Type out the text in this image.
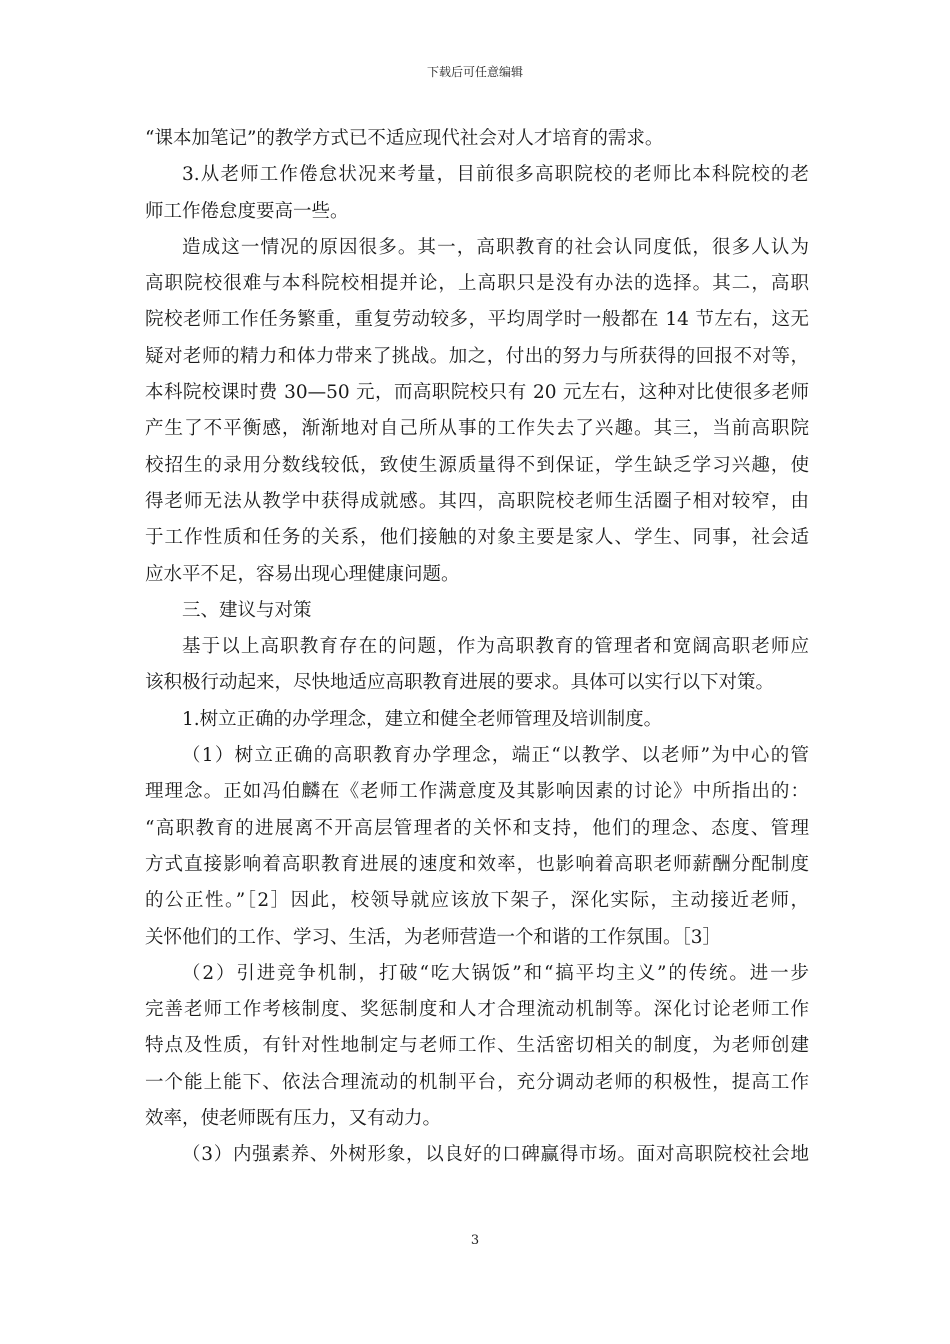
下载后可任意编辑
“课本加笔记”的教学方式已不适应现代社会对人才培育的需求。
3.从老师工作倦怠状况来考量，目前很多高职院校的老师比本科院校的老
师工作倦怠度要高一些。
造成这一情况的原因很多。其一，高职教育的社会认同度低，很多人认为
高职院校很难与本科院校相提并论，上高职只是没有办法的选择。其二，高职
院校老师工作任务繁重，重复劳动较多，平均周学时一般都在 14 节左右，这无
疑对老师的精力和体力带来了挑战。加之，付出的努力与所获得的回报不对等，
本科院校课时费 30—50 元，而高职院校只有 20 元左右，这种对比使很多老师
产生了不平衡感，渐渐地对自己所从事的工作失去了兴趣。其三，当前高职院
校招生的录用分数线较低，致使生源质量得不到保证，学生缺乏学习兴趣，使
得老师无法从教学中获得成就感。其四，高职院校老师生活圈子相对较窄，由
于工作性质和任务的关系，他们接触的对象主要是家人、学生、同事，社会适
应水平不足，容易出现心理健康问题。
三、建议与对策
基于以上高职教育存在的问题，作为高职教育的管理者和宽阔高职老师应
该积极行动起来，尽快地适应高职教育进展的要求。具体可以实行以下对策。
1.树立正确的办学理念，建立和健全老师管理及培训制度。
（1）树立正确的高职教育办学理念，端正“以教学、以老师”为中心的管
理理念。正如冯伯麟在《老师工作满意度及其影响因素的讨论》中所指出的：
“高职教育的进展离不开高层管理者的关怀和支持，他们的理念、态度、管理
方式直接影响着高职教育进展的速度和效率，也影响着高职老师薪酬分配制度
的公正性。”［2］因此，校领导就应该放下架子，深化实际，主动接近老师，
关怀他们的工作、学习、生活，为老师营造一个和谐的工作氛围。［3］
（2）引进竞争机制，打破“吃大锅饭”和“搞平均主义”的传统。进一步
完善老师工作考核制度、奖惩制度和人才合理流动机制等。深化讨论老师工作
特点及性质，有针对性地制定与老师工作、生活密切相关的制度，为老师创建
一个能上能下、依法合理流动的机制平台，充分调动老师的积极性，提高工作
效率，使老师既有压力，又有动力。
（3）内强素养、外树形象，以良好的口碑赢得市场。面对高职院校社会地
3
